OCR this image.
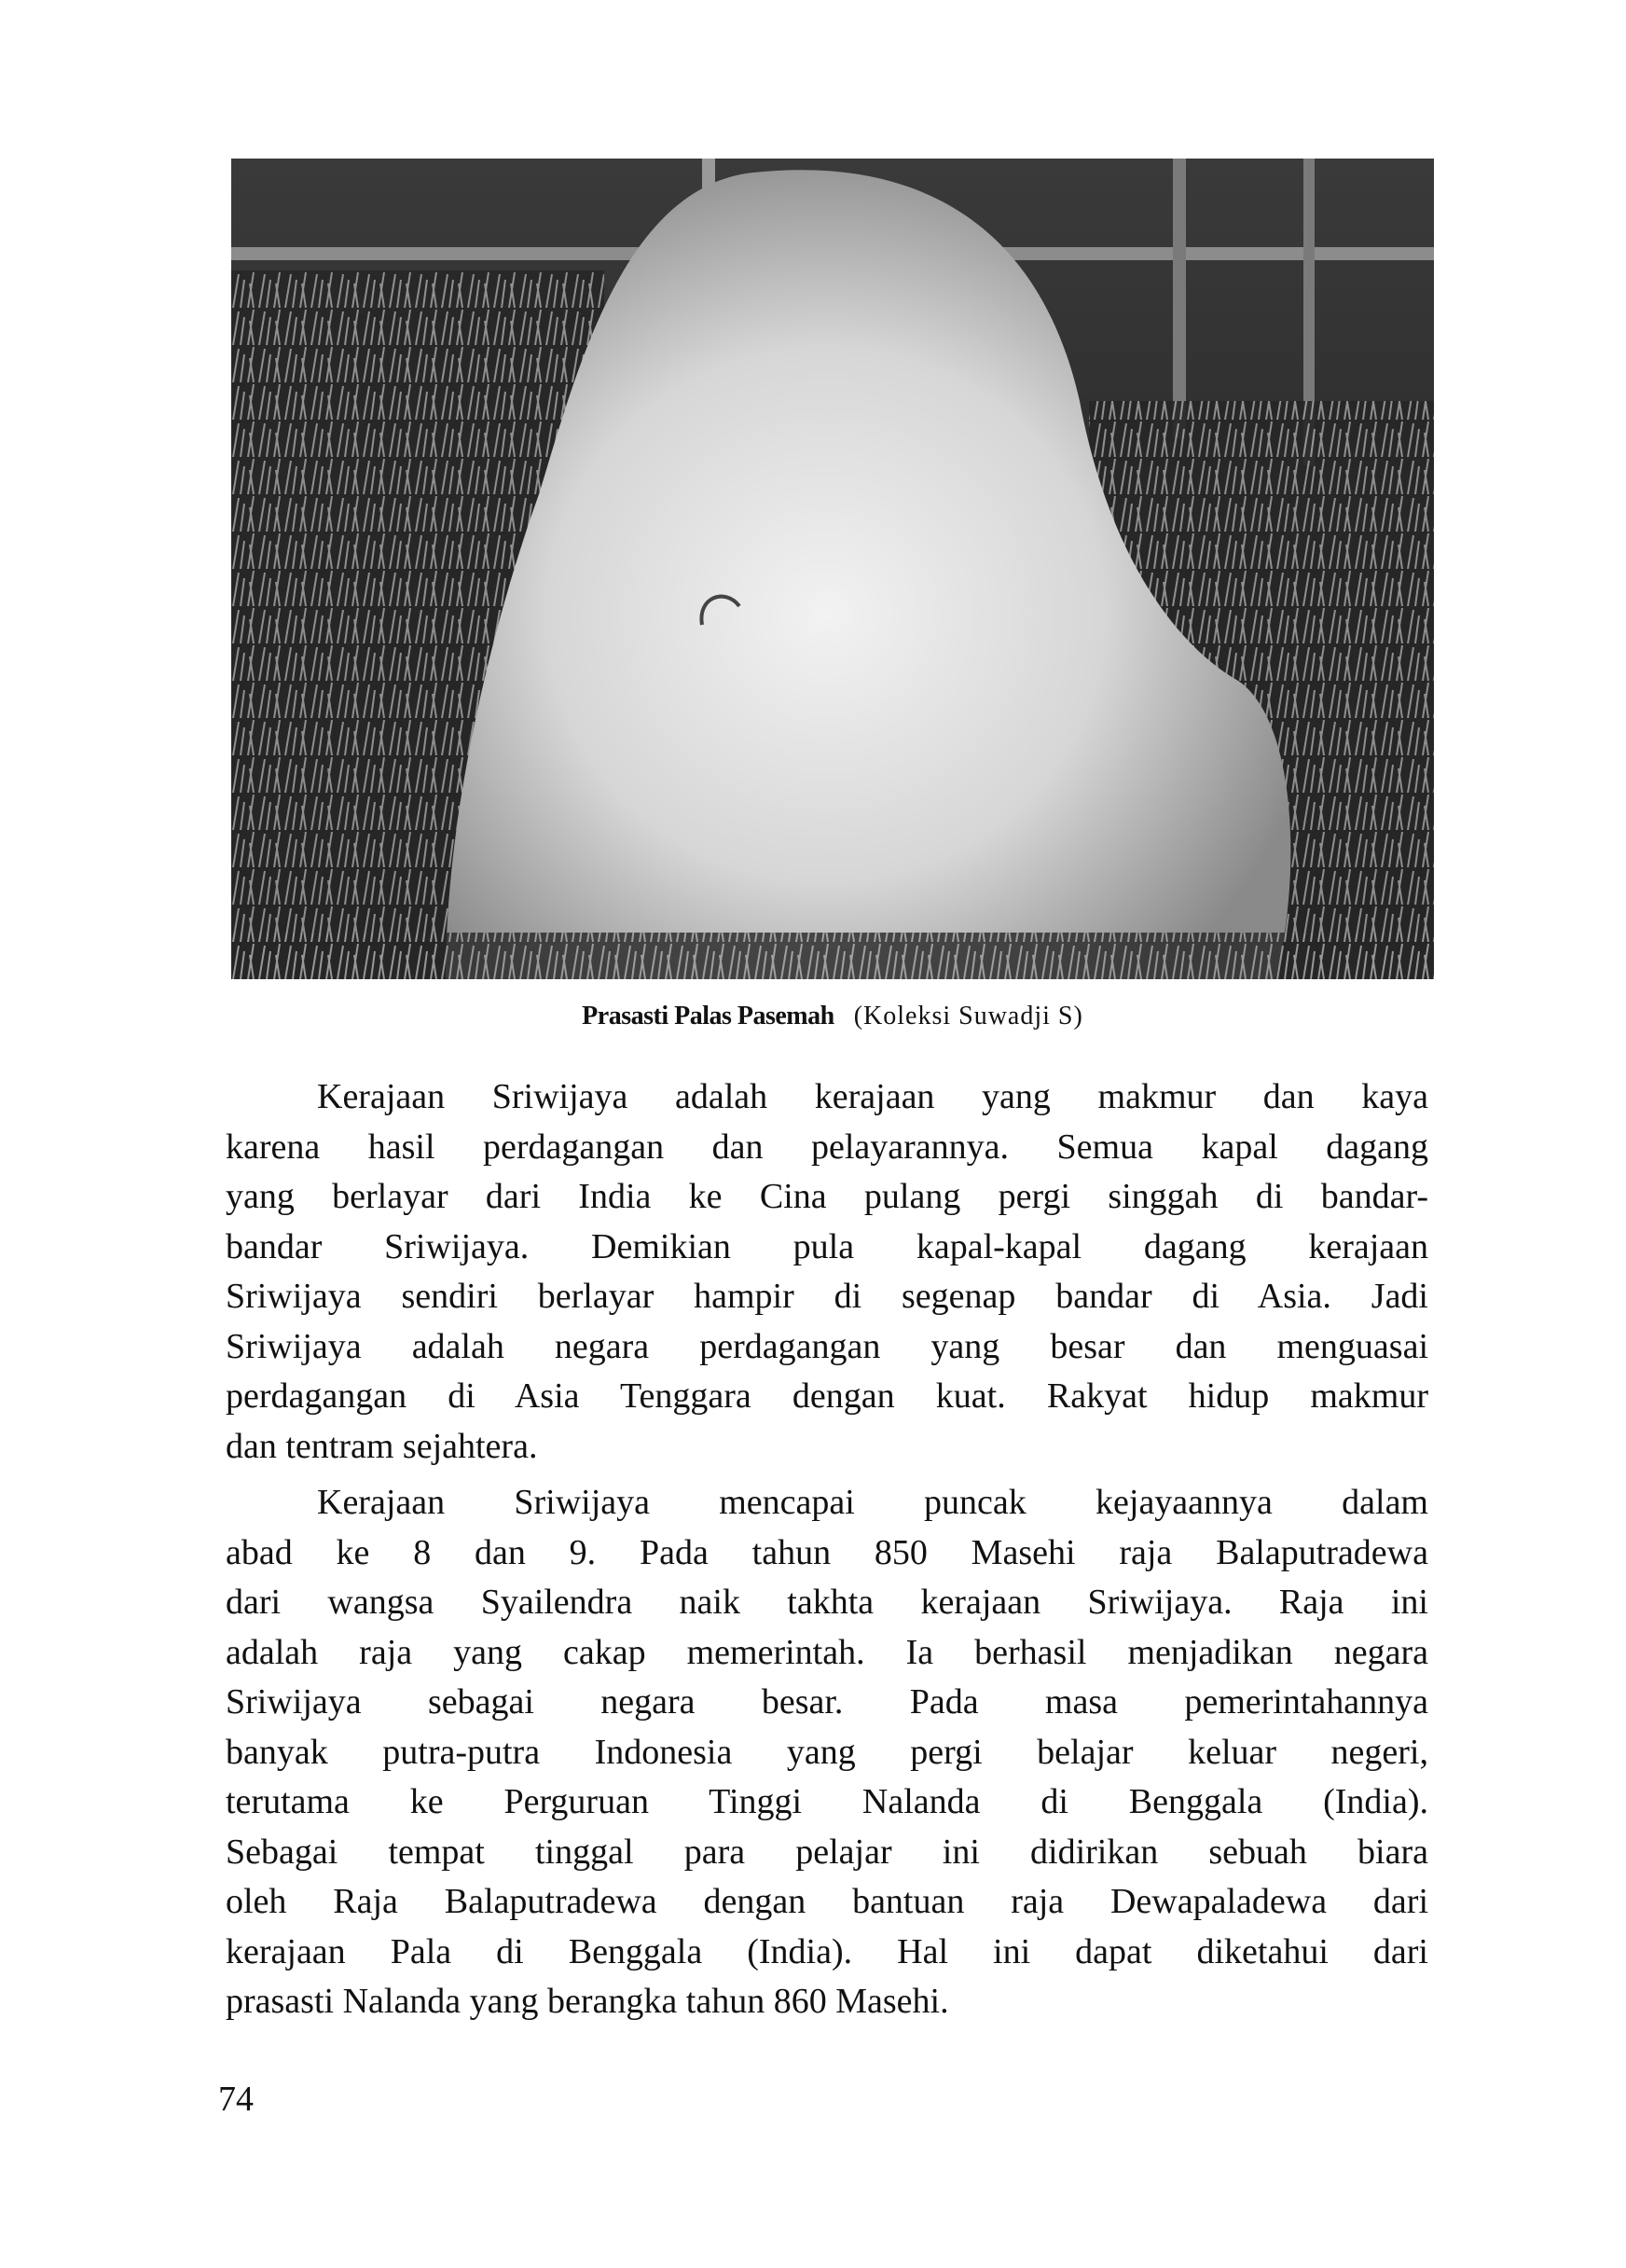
Prasasti Palas Pasemah (Koleksi Suwadji S)
Kerajaan Sriwijaya adalah kerajaan yang makmur dan kaya
karena hasil perdagangan dan pelayarannya. Semua kapal dagang
yang berlayar dari India ke Cina pulang pergi singgah di bandar-
bandar Sriwijaya. Demikian pula kapal-kapal dagang kerajaan
Sriwijaya sendiri berlayar hampir di segenap bandar di Asia. Jadi
Sriwijaya adalah negara perdagangan yang besar dan menguasai
perdagangan di Asia Tenggara dengan kuat. Rakyat hidup makmur
dan tentram sejahtera.
Kerajaan Sriwijaya mencapai puncak kejayaannya dalam
abad ke 8 dan 9. Pada tahun 850 Masehi raja Balaputradewa
dari wangsa Syailendra naik takhta kerajaan Sriwijaya. Raja ini
adalah raja yang cakap memerintah. Ia berhasil menjadikan negara
Sriwijaya sebagai negara besar. Pada masa pemerintahannya
banyak putra-putra Indonesia yang pergi belajar keluar negeri,
terutama ke Perguruan Tinggi Nalanda di Benggala (India).
Sebagai tempat tinggal para pelajar ini didirikan sebuah biara
oleh Raja Balaputradewa dengan bantuan raja Dewapaladewa dari
kerajaan Pala di Benggala (India). Hal ini dapat diketahui dari
prasasti Nalanda yang berangka tahun 860 Masehi.
74
